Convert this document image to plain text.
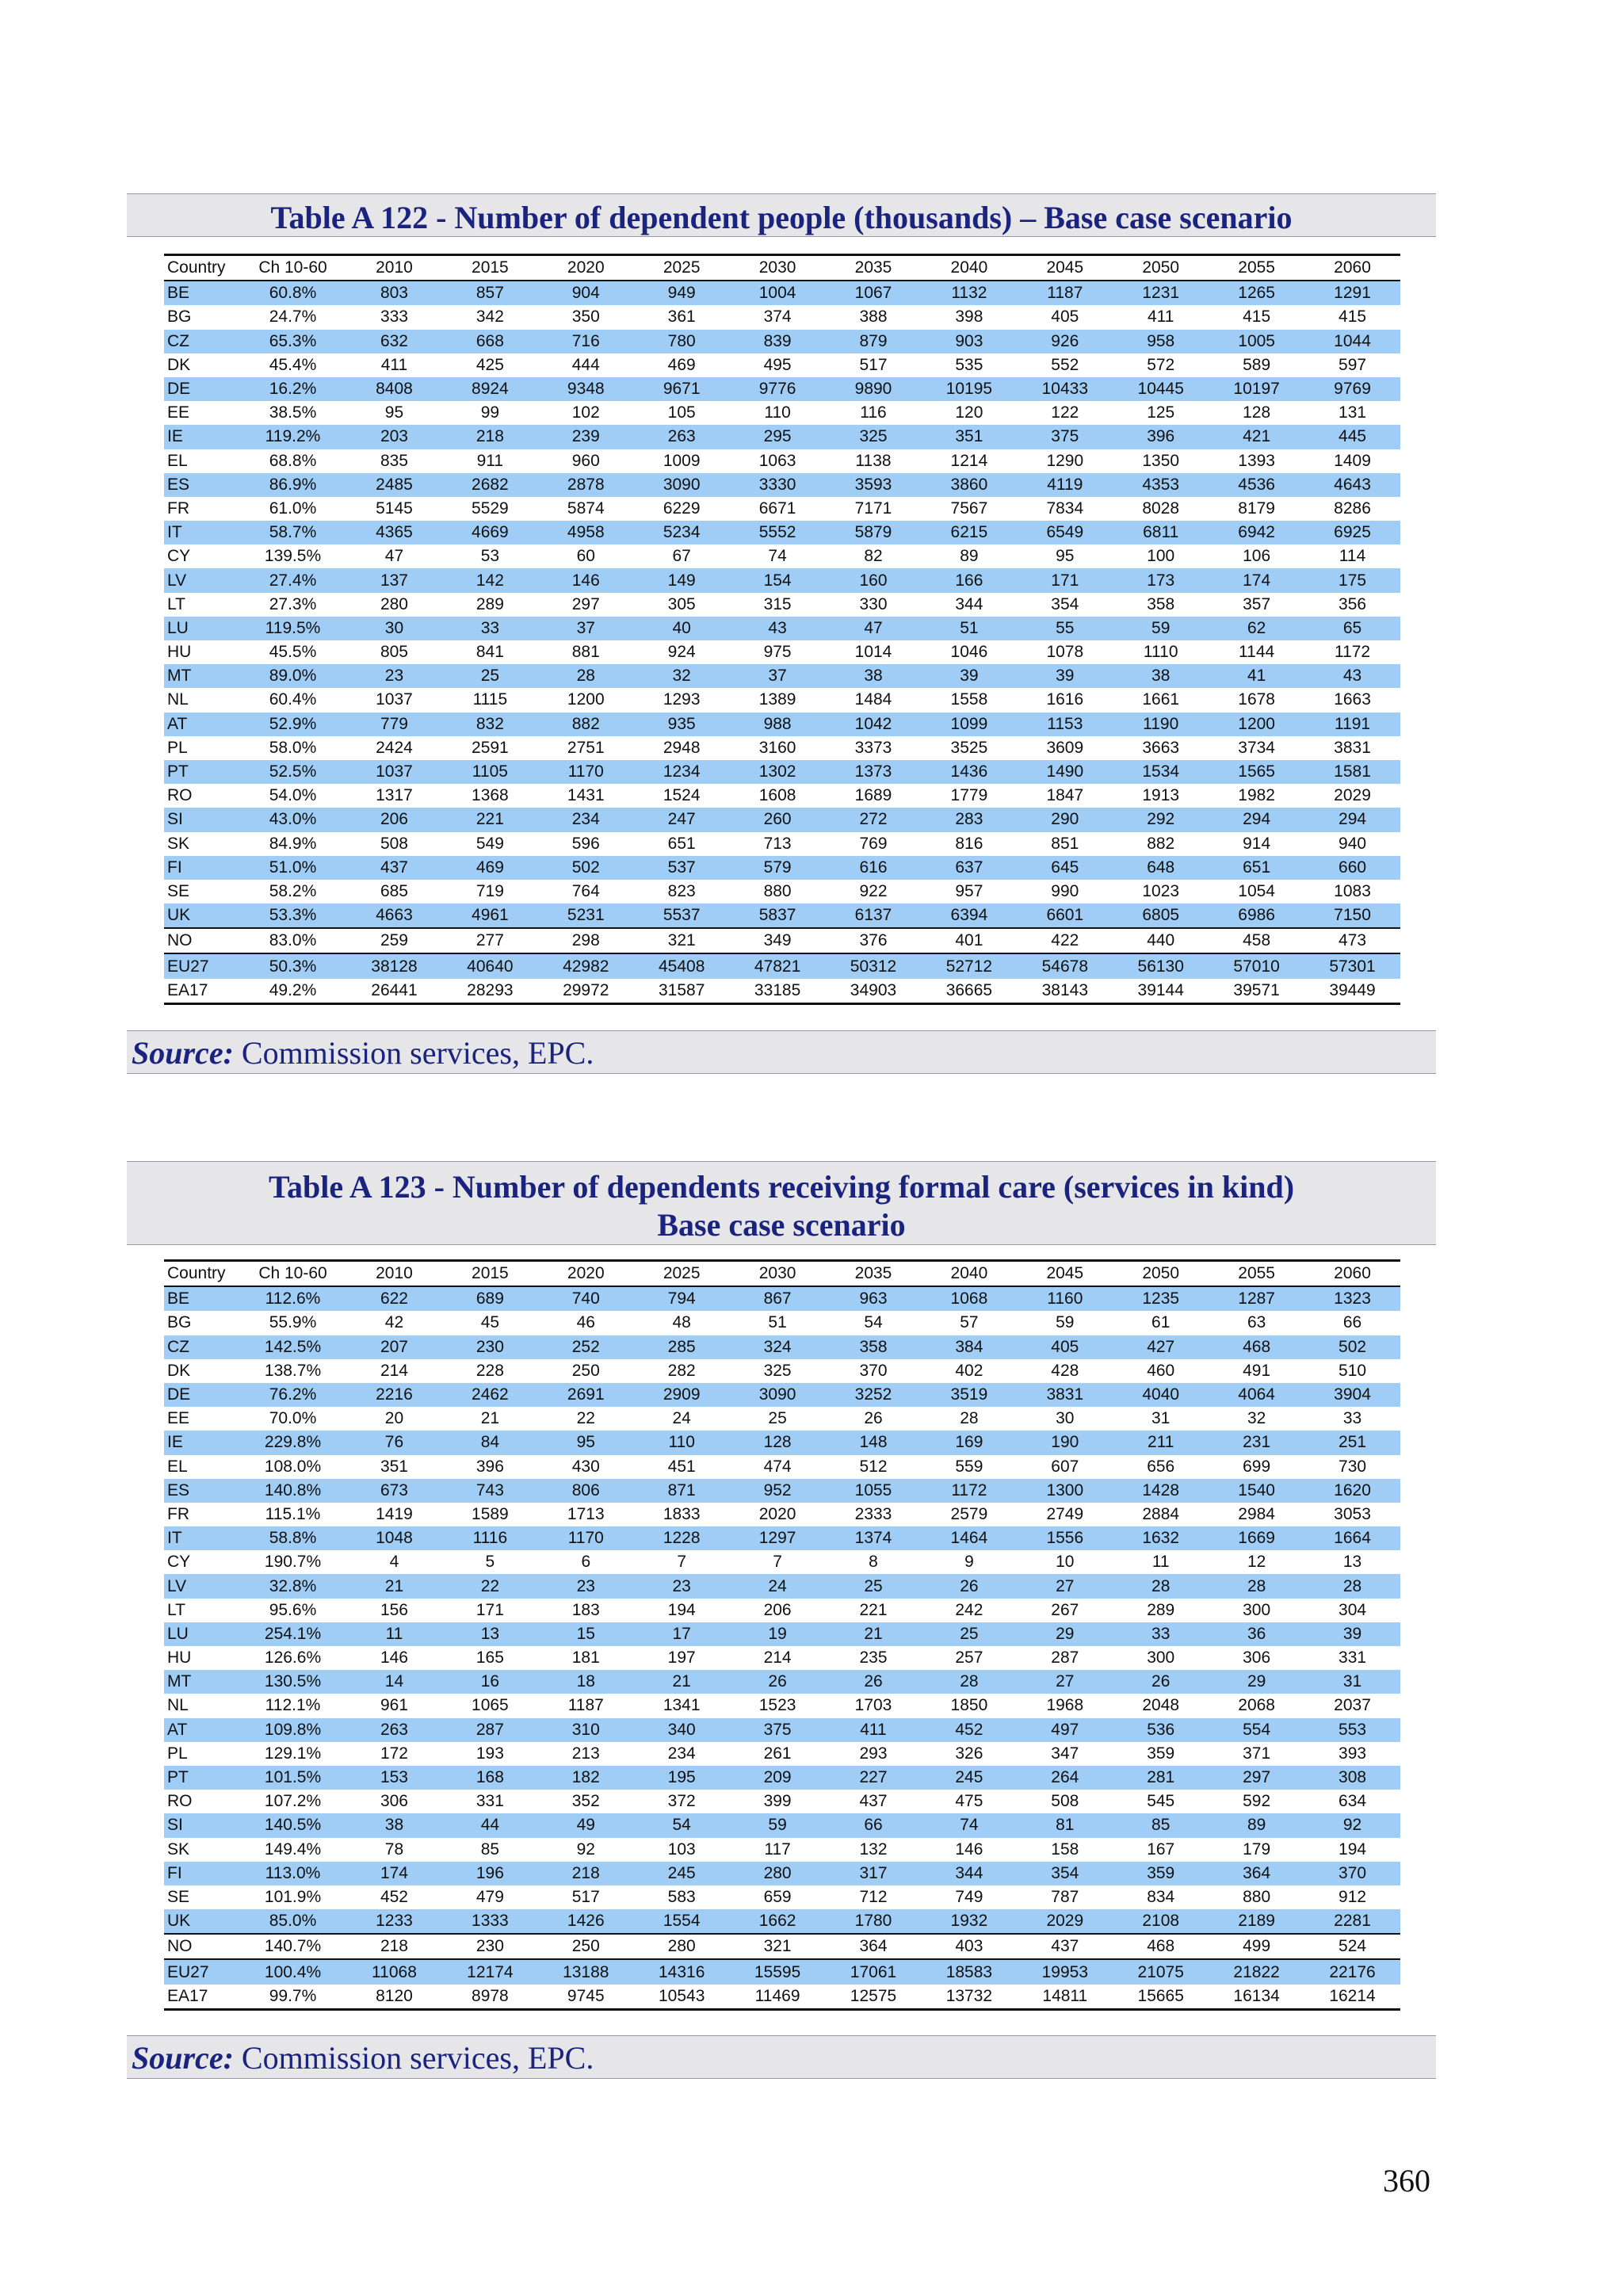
Table A 122 - Number of dependent people (thousands) – Base case scenario
Country	Ch 10-60	2010	2015	2020	2025	2030	2035	2040	2045	2050	2055	2060
BE	60.8%	803	857	904	949	1004	1067	1132	1187	1231	1265	1291
BG	24.7%	333	342	350	361	374	388	398	405	411	415	415
CZ	65.3%	632	668	716	780	839	879	903	926	958	1005	1044
DK	45.4%	411	425	444	469	495	517	535	552	572	589	597
DE	16.2%	8408	8924	9348	9671	9776	9890	10195	10433	10445	10197	9769
EE	38.5%	95	99	102	105	110	116	120	122	125	128	131
IE	119.2%	203	218	239	263	295	325	351	375	396	421	445
EL	68.8%	835	911	960	1009	1063	1138	1214	1290	1350	1393	1409
ES	86.9%	2485	2682	2878	3090	3330	3593	3860	4119	4353	4536	4643
FR	61.0%	5145	5529	5874	6229	6671	7171	7567	7834	8028	8179	8286
IT	58.7%	4365	4669	4958	5234	5552	5879	6215	6549	6811	6942	6925
CY	139.5%	47	53	60	67	74	82	89	95	100	106	114
LV	27.4%	137	142	146	149	154	160	166	171	173	174	175
LT	27.3%	280	289	297	305	315	330	344	354	358	357	356
LU	119.5%	30	33	37	40	43	47	51	55	59	62	65
HU	45.5%	805	841	881	924	975	1014	1046	1078	1110	1144	1172
MT	89.0%	23	25	28	32	37	38	39	39	38	41	43
NL	60.4%	1037	1115	1200	1293	1389	1484	1558	1616	1661	1678	1663
AT	52.9%	779	832	882	935	988	1042	1099	1153	1190	1200	1191
PL	58.0%	2424	2591	2751	2948	3160	3373	3525	3609	3663	3734	3831
PT	52.5%	1037	1105	1170	1234	1302	1373	1436	1490	1534	1565	1581
RO	54.0%	1317	1368	1431	1524	1608	1689	1779	1847	1913	1982	2029
SI	43.0%	206	221	234	247	260	272	283	290	292	294	294
SK	84.9%	508	549	596	651	713	769	816	851	882	914	940
FI	51.0%	437	469	502	537	579	616	637	645	648	651	660
SE	58.2%	685	719	764	823	880	922	957	990	1023	1054	1083
UK	53.3%	4663	4961	5231	5537	5837	6137	6394	6601	6805	6986	7150
NO	83.0%	259	277	298	321	349	376	401	422	440	458	473
EU27	50.3%	38128	40640	42982	45408	47821	50312	52712	54678	56130	57010	57301
EA17	49.2%	26441	28293	29972	31587	33185	34903	36665	38143	39144	39571	39449
Source: Commission services, EPC.
Table A 123 - Number of dependents receiving formal care (services in kind)
Base case scenario
Country	Ch 10-60	2010	2015	2020	2025	2030	2035	2040	2045	2050	2055	2060
BE	112.6%	622	689	740	794	867	963	1068	1160	1235	1287	1323
BG	55.9%	42	45	46	48	51	54	57	59	61	63	66
CZ	142.5%	207	230	252	285	324	358	384	405	427	468	502
DK	138.7%	214	228	250	282	325	370	402	428	460	491	510
DE	76.2%	2216	2462	2691	2909	3090	3252	3519	3831	4040	4064	3904
EE	70.0%	20	21	22	24	25	26	28	30	31	32	33
IE	229.8%	76	84	95	110	128	148	169	190	211	231	251
EL	108.0%	351	396	430	451	474	512	559	607	656	699	730
ES	140.8%	673	743	806	871	952	1055	1172	1300	1428	1540	1620
FR	115.1%	1419	1589	1713	1833	2020	2333	2579	2749	2884	2984	3053
IT	58.8%	1048	1116	1170	1228	1297	1374	1464	1556	1632	1669	1664
CY	190.7%	4	5	6	7	7	8	9	10	11	12	13
LV	32.8%	21	22	23	23	24	25	26	27	28	28	28
LT	95.6%	156	171	183	194	206	221	242	267	289	300	304
LU	254.1%	11	13	15	17	19	21	25	29	33	36	39
HU	126.6%	146	165	181	197	214	235	257	287	300	306	331
MT	130.5%	14	16	18	21	26	26	28	27	26	29	31
NL	112.1%	961	1065	1187	1341	1523	1703	1850	1968	2048	2068	2037
AT	109.8%	263	287	310	340	375	411	452	497	536	554	553
PL	129.1%	172	193	213	234	261	293	326	347	359	371	393
PT	101.5%	153	168	182	195	209	227	245	264	281	297	308
RO	107.2%	306	331	352	372	399	437	475	508	545	592	634
SI	140.5%	38	44	49	54	59	66	74	81	85	89	92
SK	149.4%	78	85	92	103	117	132	146	158	167	179	194
FI	113.0%	174	196	218	245	280	317	344	354	359	364	370
SE	101.9%	452	479	517	583	659	712	749	787	834	880	912
UK	85.0%	1233	1333	1426	1554	1662	1780	1932	2029	2108	2189	2281
NO	140.7%	218	230	250	280	321	364	403	437	468	499	524
EU27	100.4%	11068	12174	13188	14316	15595	17061	18583	19953	21075	21822	22176
EA17	99.7%	8120	8978	9745	10543	11469	12575	13732	14811	15665	16134	16214
Source: Commission services, EPC.
360
